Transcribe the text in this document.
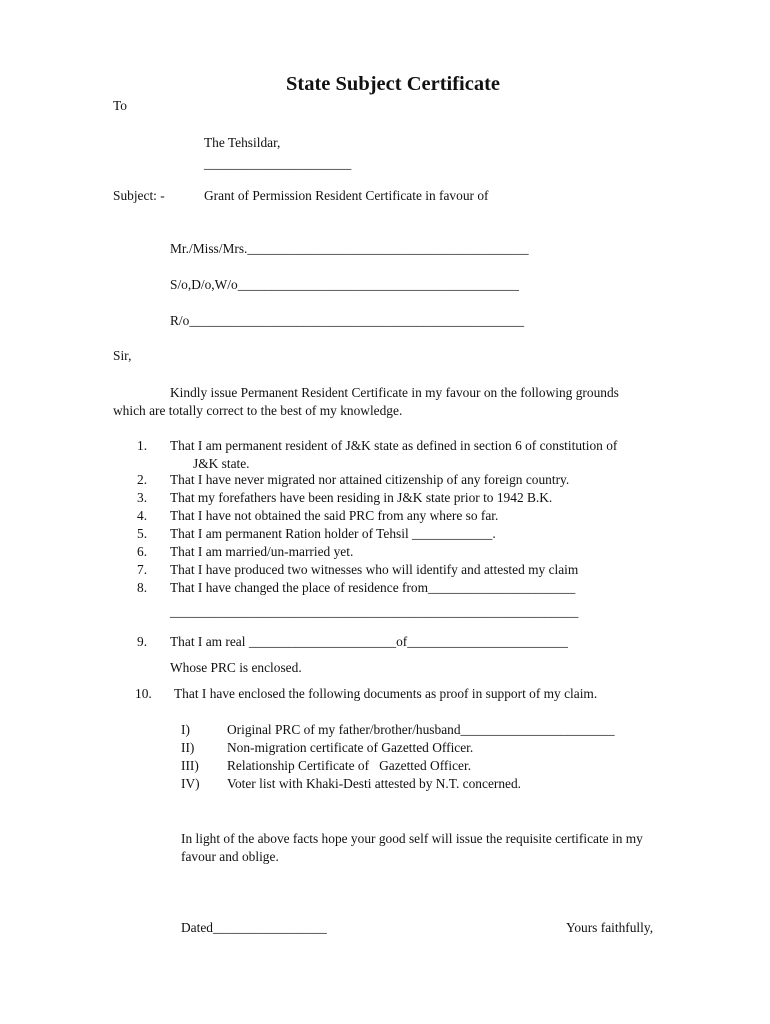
State Subject Certificate
To
The Tehsildar,
______________________
Subject: -	Grant of Permission Resident Certificate in favour of
Mr./Miss/Mrs.__________________________________________
S/o,D/o,W/o__________________________________________
R/o__________________________________________________
Sir,
Kindly issue Permanent Resident Certificate in my favour on the following grounds
which are totally correct to the best of my knowledge.
1. That I am permanent resident of J&K state as defined in section 6 of constitution of
J&K state.
2. That I have never migrated nor attained citizenship of any foreign country.
3. That my forefathers have been residing in J&K state prior to 1942 B.K.
4. That I have not obtained the said PRC from any where so far.
5. That I am permanent Ration holder of Tehsil ____________.
6. That I am married/un-married yet.
7. That I have produced two witnesses who will identify and attested my claim
8. That I have changed the place of residence from______________________
_____________________________________________________________
9. That I am real ______________________of________________________
Whose PRC is enclosed.
10. That I have enclosed the following documents as proof in support of my claim.
I)	Original PRC of my father/brother/husband_______________________
II) Non-migration certificate of Gazetted Officer.
III) Relationship Certificate of   Gazetted Officer.
IV) Voter list with Khaki-Desti attested by N.T. concerned.
In light of the above facts hope your good self will issue the requisite certificate in my
favour and oblige.
Dated_________________	Yours faithfully,
